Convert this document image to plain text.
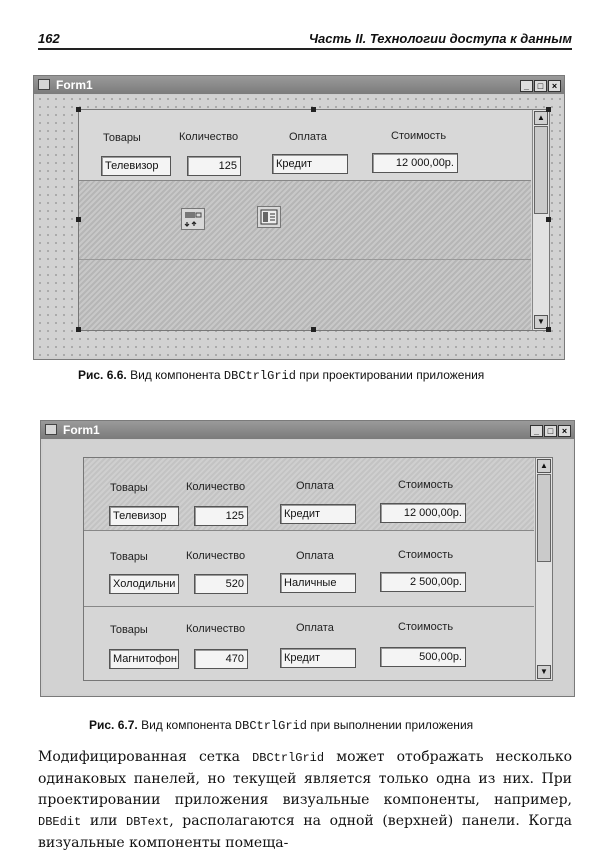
162	Часть II. Технологии доступа к данным
Form1	_ □ ×
Товары	Количество	Оплата	Стоимость
Телевизор	125	Кредит	12 000,00р.
▲
▼
Рис. 6.6. Вид компонента DBCtrlGrid при проектировании приложения
Form1	_ □ ×
Товары	Количество	Оплата	Стоимость
Телевизор	125	Кредит	12 000,00р.
Товары	Количество	Оплата	Стоимость
Холодильни	520	Наличные	2 500,00р.
Товары	Количество	Оплата	Стоимость
Магнитофон	470	Кредит	500,00р.
▲
▼
Рис. 6.7. Вид компонента DBCtrlGrid при выполнении приложения
Модифицированная сетка DBCtrlGrid может отображать несколько одинаковых панелей, но текущей является только одна из них. При проектировании приложения визуальные компоненты, например, DBEdit или DBText, располагаются на одной (верхней) панели. Когда визуальные компоненты помеща-
